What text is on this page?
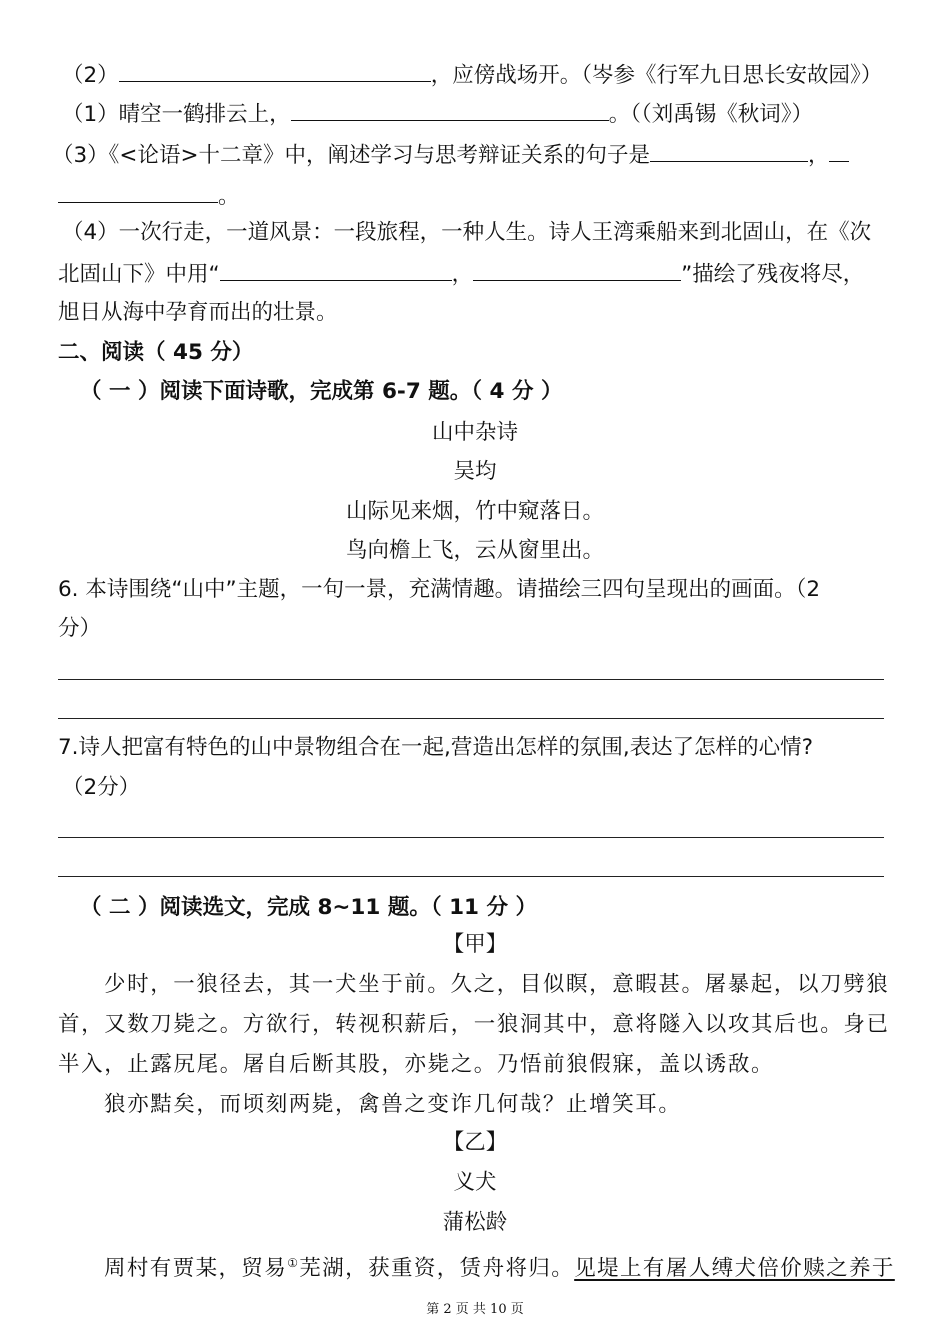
（2）	，应傍战场开。（岑参《行军九日思长安故园》）
（1）晴空一鹤排云上，	。（（刘禹锡《秋词》）
（3）《<论语>十二章》中，阐述学习与思考辩证关系的句子是	，
。
（4）一次行走，一道风景：一段旅程，一种人生。诗人王湾乘船来到北固山，在《次
北固山下》中用“	，	”描绘了残夜将尽，
旭日从海中孕育而出的壮景。
二、阅读（ 45 分）
（ 一 ）阅读下面诗歌，完成第 6-7 题。（ 4 分 ）
山中杂诗
吴均
山际见来烟，竹中窥落日。
鸟向檐上飞，云从窗里出。
6. 本诗围绕“山中”主题，一句一景，充满情趣。请描绘三四句呈现出的画面。（2
分）
7.诗人把富有特色的山中景物组合在一起,营造出怎样的氛围,表达了怎样的心情?
（2分）
（ 二 ）阅读选文，完成 8~11 题。（ 11 分 ）
【甲】
少时，一狼径去，其一犬坐于前。久之，目似瞑，意暇甚。屠暴起，以刀劈狼
首，又数刀毙之。方欲行，转视积薪后，一狼洞其中，意将隧入以攻其后也。身已
半入，止露尻尾。屠自后断其股，亦毙之。乃悟前狼假寐，盖以诱敌。
狼亦黠矣，而顷刻两毙，禽兽之变诈几何哉？止增笑耳。
【乙】
义犬
蒲松龄
周村有贾某，贸易①芜湖，获重资，赁舟将归。见堤上有屠人缚犬倍价赎之养于
第 2 页 共 10 页
